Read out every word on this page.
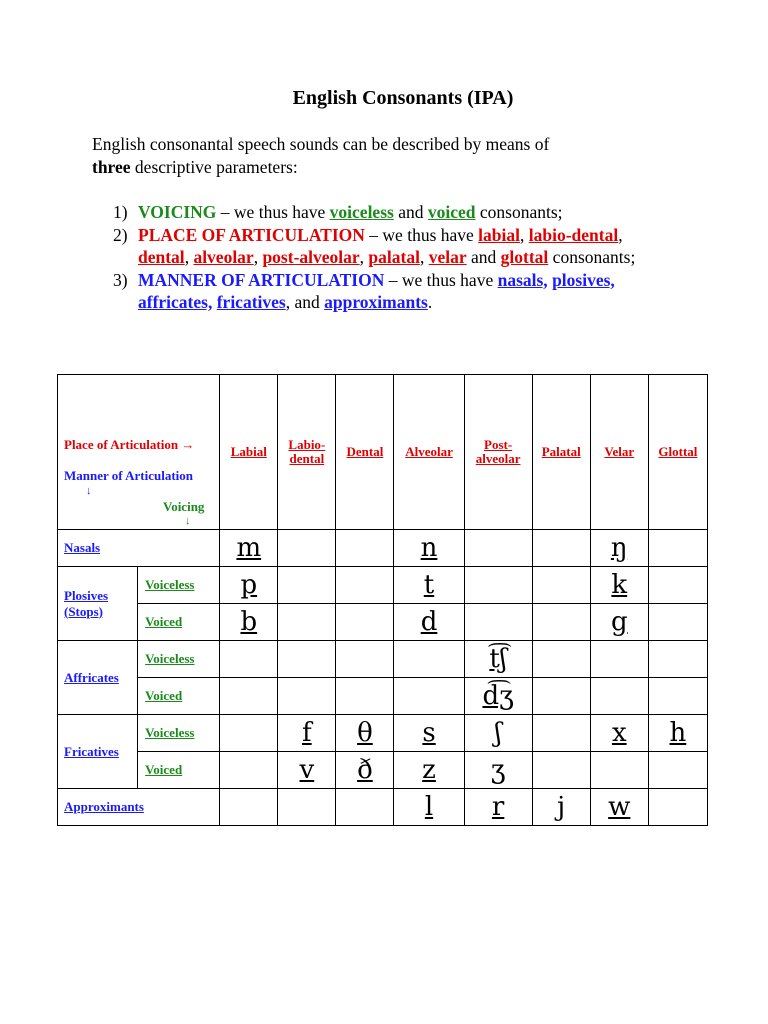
English Consonants (IPA)
English consonantal speech sounds can be described by means of
three descriptive parameters:
1) VOICING – we thus have voiceless and voiced consonants;
2) PLACE OF ARTICULATION – we thus have labial, labio-dental, dental, alveolar, post-alveolar, palatal, velar and glottal consonants;
3) MANNER OF ARTICULATION – we thus have nasals, plosives, affricates, fricatives, and approximants.
Place of Articulation →
Manner of Articulation
↓
Voicing
↓		Labial	Labio-
dental	Dental	Alveolar	Post-
alveolar	Palatal	Velar	Glottal
Nasals		m			n			ŋ	
Plosives
(Stops)	Voiceless	p			t			k	
	Voiced	b			d			g	
Affricates	Voiceless					t͡ʃ			
	Voiced					d͡ʒ			
Fricatives	Voiceless		f	θ	s	ʃ		x	h
	Voiced		v	ð	z	ʒ			
Approximants					l	r	j	w	
